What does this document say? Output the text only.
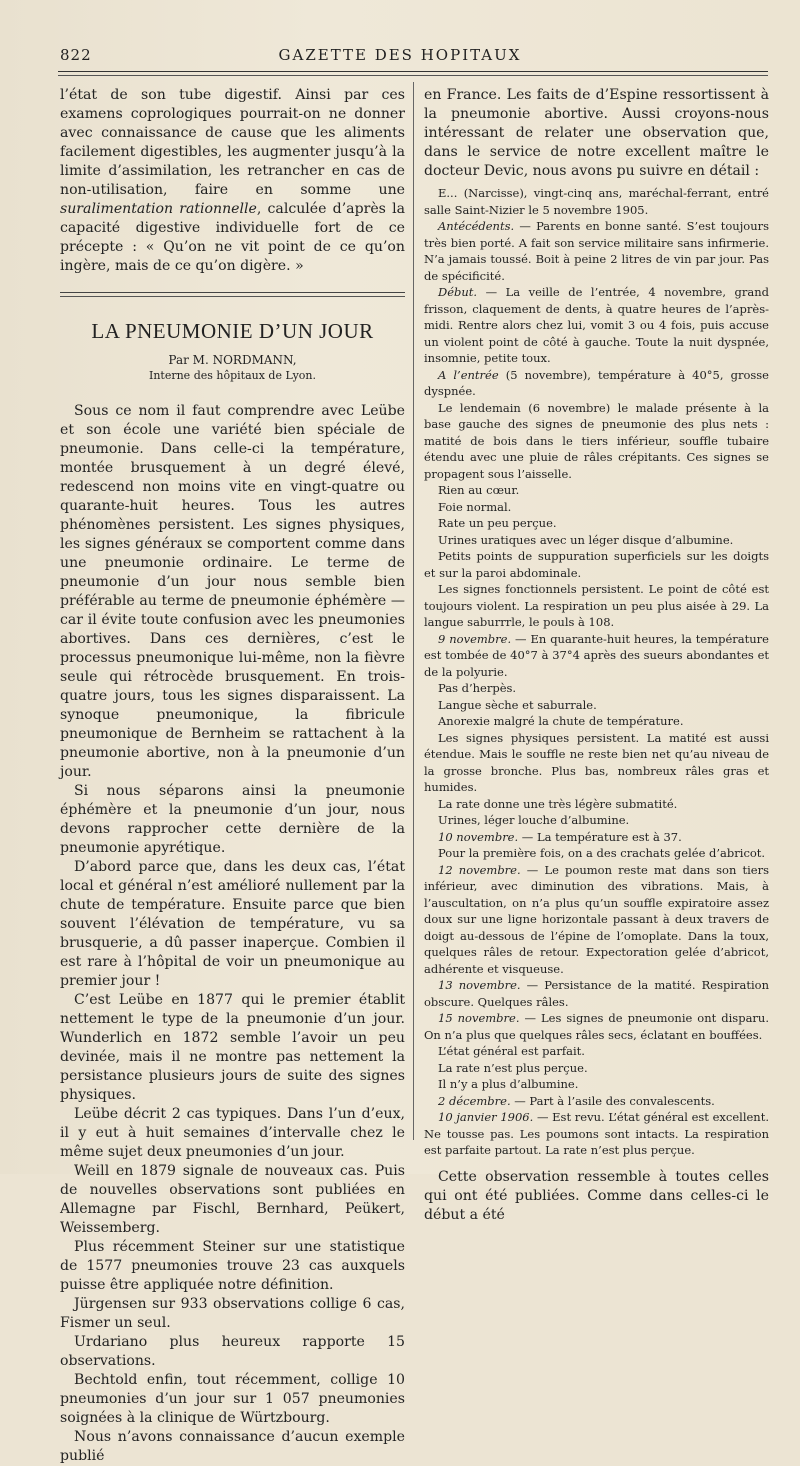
822	GAZETTE DES HOPITAUX

l’état de son tube digestif. Ainsi par ces examens coprologiques pourrait-on ne donner avec connaissance de cause que les aliments facilement digestibles, les augmenter jusqu’à la limite d’assimilation, les retrancher en cas de non-utilisation, faire en somme une suralimentation rationnelle, calculée d’après la capacité digestive individuelle fort de ce précepte : « Qu’on ne vit point de ce qu’on ingère, mais de ce qu’on digère. »

LA PNEUMONIE D’UN JOUR
Par M. NORDMANN,
Interne des hôpitaux de Lyon.

Sous ce nom il faut comprendre avec Leübe et son école une variété bien spéciale de pneumonie. Dans celle-ci la température, montée brusquement à un degré élevé, redescend non moins vite en vingt-quatre ou quarante-huit heures. Tous les autres phénomènes persistent. Les signes physiques, les signes généraux se comportent comme dans une pneumonie ordinaire. Le terme de pneumonie d’un jour nous semble bien préférable au terme de pneumonie éphémère — car il évite toute confusion avec les pneumonies abortives. Dans ces dernières, c’est le processus pneumonique lui-même, non la fièvre seule qui rétrocède brusquement. En trois-quatre jours, tous les signes disparaissent. La synoque pneumonique, la fibricule pneumonique de Bernheim se rattachent à la pneumonie abortive, non à la pneumonie d’un jour.

Si nous séparons ainsi la pneumonie éphémère et la pneumonie d’un jour, nous devons rapprocher cette dernière de la pneumonie apyrétique.

D’abord parce que, dans les deux cas, l’état local et général n’est amélioré nullement par la chute de température. Ensuite parce que bien souvent l’élévation de température, vu sa brusquerie, a dû passer inaperçue. Combien il est rare à l’hôpital de voir un pneumonique au premier jour !

C’est Leübe en 1877 qui le premier établit nettement le type de la pneumonie d’un jour. Wunderlich en 1872 semble l’avoir un peu devinée, mais il ne montre pas nettement la persistance plusieurs jours de suite des signes physiques.

Leübe décrit 2 cas typiques. Dans l’un d’eux, il y eut à huit semaines d’intervalle chez le même sujet deux pneumonies d’un jour.

Weill en 1879 signale de nouveaux cas. Puis de nouvelles observations sont publiées en Allemagne par Fischl, Bernhard, Peükert, Weissemberg.

Plus récemment Steiner sur une statistique de 1577 pneumonies trouve 23 cas auxquels puisse être appliquée notre définition.

Jürgensen sur 933 observations collige 6 cas, Fismer un seul.

Urdariano plus heureux rapporte 15 observations.

Bechtold enfin, tout récemment, collige 10 pneumonies d’un jour sur 1 057 pneumonies soignées à la clinique de Würtzbourg.

Nous n’avons connaissance d’aucun exemple publié

en France. Les faits de d’Espine ressortissent à la pneumonie abortive. Aussi croyons-nous intéressant de relater une observation que, dans le service de notre excellent maître le docteur Devic, nous avons pu suivre en détail :

E... (Narcisse), vingt-cinq ans, maréchal-ferrant, entré salle Saint-Nizier le 5 novembre 1905.

Antécédents. — Parents en bonne santé. S’est toujours très bien porté. A fait son service militaire sans infirmerie. N’a jamais toussé. Boit à peine 2 litres de vin par jour. Pas de spécificité.

Début. — La veille de l’entrée, 4 novembre, grand frisson, claquement de dents, à quatre heures de l’après-midi. Rentre alors chez lui, vomit 3 ou 4 fois, puis accuse un violent point de côté à gauche. Toute la nuit dyspnée, insomnie, petite toux.

A l’entrée (5 novembre), température à 40°5, grosse dyspnée.

Le lendemain (6 novembre) le malade présente à la base gauche des signes de pneumonie des plus nets : matité de bois dans le tiers inférieur, souffle tubaire étendu avec une pluie de râles crépitants. Ces signes se propagent sous l’aisselle.

Rien au cœur.

Foie normal.

Rate un peu perçue.

Urines uratiques avec un léger disque d’albumine.

Petits points de suppuration superficiels sur les doigts et sur la paroi abdominale.

Les signes fonctionnels persistent. Le point de côté est toujours violent. La respiration un peu plus aisée à 29. La langue saburrrle, le pouls à 108.

9 novembre. — En quarante-huit heures, la température est tombée de 40°7 à 37°4 après des sueurs abondantes et de la polyurie.

Pas d’herpès.

Langue sèche et saburrale.

Anorexie malgré la chute de température.

Les signes physiques persistent. La matité est aussi étendue. Mais le souffle ne reste bien net qu’au niveau de la grosse bronche. Plus bas, nombreux râles gras et humides.

La rate donne une très légère submatité.

Urines, léger louche d’albumine.

10 novembre. — La température est à 37.

Pour la première fois, on a des crachats gelée d’abricot.

12 novembre. — Le poumon reste mat dans son tiers inférieur, avec diminution des vibrations. Mais, à l’auscultation, on n’a plus qu’un souffle expiratoire assez doux sur une ligne horizontale passant à deux travers de doigt au-dessous de l’épine de l’omoplate. Dans la toux, quelques râles de retour. Expectoration gelée d’abricot, adhérente et visqueuse.

13 novembre. — Persistance de la matité. Respiration obscure. Quelques râles.

15 novembre. — Les signes de pneumonie ont disparu. On n’a plus que quelques râles secs, éclatant en bouffées.

L’état général est parfait.

La rate n’est plus perçue.

Il n’y a plus d’albumine.

2 décembre. — Part à l’asile des convalescents.

10 janvier 1906. — Est revu. L’état général est excellent. Ne tousse pas. Les poumons sont intacts. La respiration est parfaite partout. La rate n’est plus perçue.

Cette observation ressemble à toutes celles qui ont été publiées. Comme dans celles-ci le début a été
